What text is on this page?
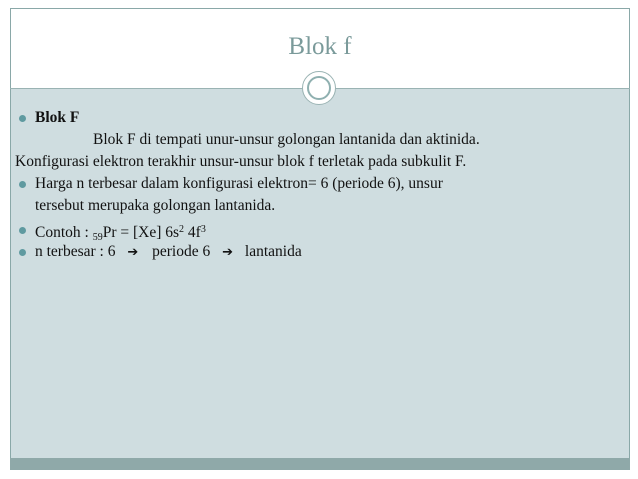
Blok f
Blok F
Blok F di tempati unur-unsur golongan lantanida dan aktinida.
Konfigurasi elektron terakhir unsur-unsur blok f terletak pada subkulit F.
Harga n terbesar dalam konfigurasi elektron= 6 (periode 6), unsur
tersebut merupaka golongan lantanida.
Contoh : $_{59}$Pr = [Xe] $6s^2$ $4f^3$
n terbesar : 6 ➔ periode 6 ➔ lantanida
